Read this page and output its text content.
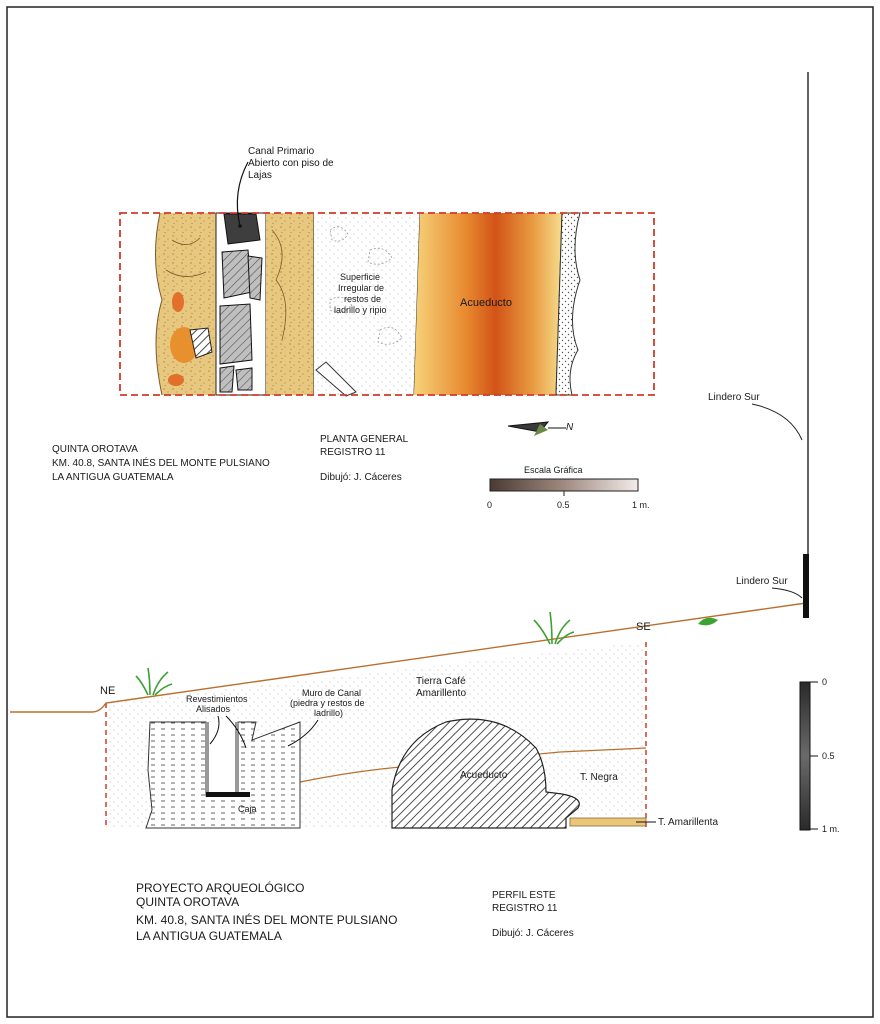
Canal Primario
Abierto con piso de
Lajas
Superficie
Irregular de
restos de
ladrillo y ripio
Acueducto
N
QUINTA OROTAVA
KM. 40.8, SANTA INÉS DEL MONTE PULSIANO
LA ANTIGUA GUATEMALA
PLANTA GENERAL
REGISTRO 11
Dibujó: J. Cáceres
Escala Gráfica
0	0.5	1 m.
Lindero Sur
NE
SE
Tierra Café
Amarillento
Revestimientos
Alisados
Muro de Canal
(piedra y restos de
ladrillo)
Acueducto	T. Negra
Caja
T. Amarillenta
Lindero Sur
0
0.5
1 m.
PROYECTO ARQUEOLÓGICO
QUINTA OROTAVA
KM. 40.8, SANTA INÉS DEL MONTE PULSIANO
LA ANTIGUA GUATEMALA
PERFIL ESTE
REGISTRO 11
Dibujó: J. Cáceres
